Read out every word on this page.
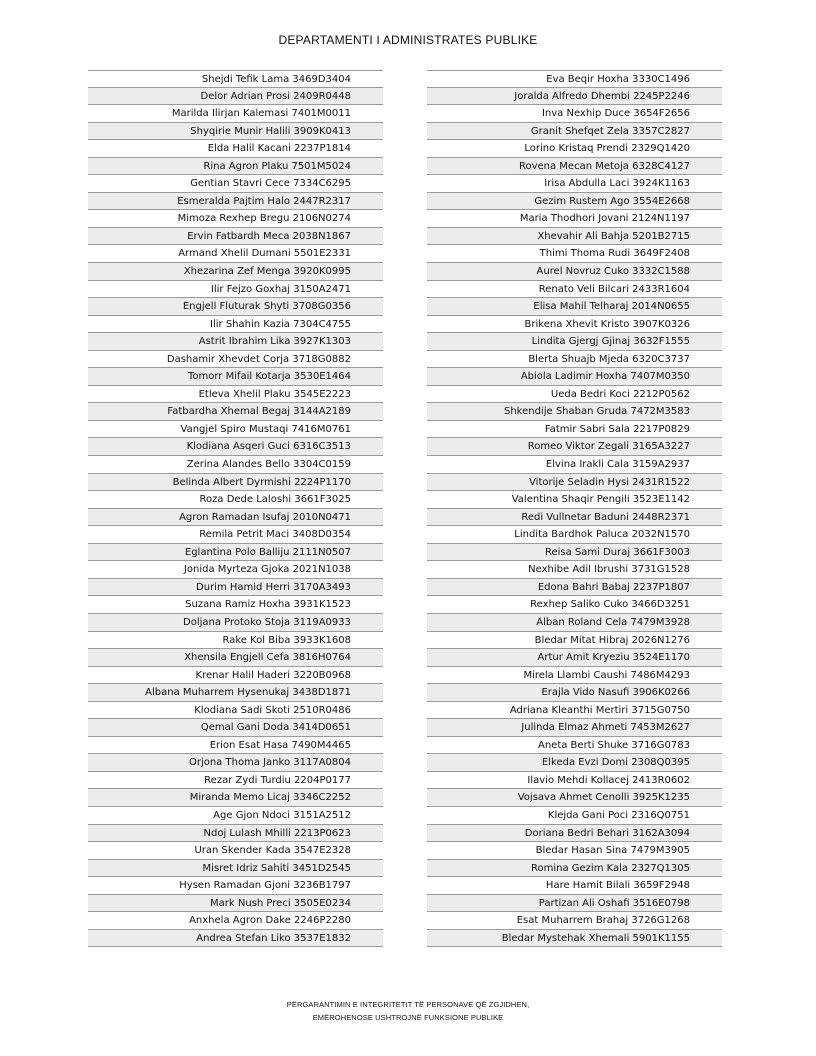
DEPARTAMENTI I ADMINISTRATES PUBLIKE
Shejdi Tefik Lama 3469D3404
Delor Adrian Prosi 2409R0448
Marilda Ilirjan Kalemasi 7401M0011
Shyqirie Munir Halili 3909K0413
Elda Halil Kacani 2237P1814
Rina Agron Plaku 7501M5024
Gentian Stavri Cece 7334C6295
Esmeralda Pajtim Halo 2447R2317
Mimoza Rexhep Bregu 2106N0274
Ervin Fatbardh Meca 2038N1867
Armand Xhelil Dumani 5501E2331
Xhezarina Zef Menga 3920K0995
Ilir Fejzo Goxhaj 3150A2471
Engjell Fluturak Shyti 3708G0356
Ilir Shahin Kazia 7304C4755
Astrit Ibrahim Lika 3927K1303
Dashamir Xhevdet Corja 3718G0882
Tomorr Mifail Kotarja 3530E1464
Etleva Xhelil Plaku 3545E2223
Fatbardha Xhemal Begaj 3144A2189
Vangjel Spiro Mustaqi 7416M0761
Klodiana Asqeri Guci 6316C3513
Zerina Alandes Bello 3304C0159
Belinda Albert Dyrmishi 2224P1170
Roza Dede Laloshi 3661F3025
Agron Ramadan Isufaj 2010N0471
Remila Petrit Maci 3408D0354
Eglantina Polo Balliju 2111N0507
Jonida Myrteza Gjoka 2021N1038
Durim Hamid Herri 3170A3493
Suzana Ramiz Hoxha 3931K1523
Doljana Protoko Stoja 3119A0933
Rake Kol Biba 3933K1608
Xhensila Engjell Cefa 3816H0764
Krenar Halil Haderi 3220B0968
Albana Muharrem Hysenukaj 3438D1871
Klodiana Sadi Skoti 2510R0486
Qemal Gani Doda 3414D0651
Erion Esat Hasa 7490M4465
Orjona Thoma Janko 3117A0804
Rezar Zydi Turdiu 2204P0177
Miranda Memo Licaj 3346C2252
Age Gjon Ndoci 3151A2512
Ndoj Lulash Mhilli 2213P0623
Uran Skender Kada 3547E2328
Misret Idriz Sahiti 3451D2545
Hysen Ramadan Gjoni 3236B1797
Mark Nush Preci 3505E0234
Anxhela Agron Dake 2246P2280
Andrea Stefan Liko 3537E1832
Eva Beqir Hoxha 3330C1496
Joralda Alfredo Dhembi 2245P2246
Inva Nexhip Duce 3654F2656
Granit Shefqet Zela 3357C2827
Lorino Kristaq Prendi 2329Q1420
Rovena Mecan Metoja 6328C4127
Irisa Abdulla Laci 3924K1163
Gezim Rustem Ago 3554E2668
Maria Thodhori Jovani 2124N1197
Xhevahir Ali Bahja 5201B2715
Thimi Thoma Rudi 3649F2408
Aurel Novruz Cuko 3332C1588
Renato Veli Bilcari 2433R1604
Elisa Mahil Telharaj 2014N0655
Brikena Xhevit Kristo 3907K0326
Lindita Gjergj Gjinaj 3632F1555
Blerta Shuajb Mjeda 6320C3737
Abiola Ladimir Hoxha 7407M0350
Ueda Bedri Koci 2212P0562
Shkendije Shaban Gruda 7472M3583
Fatmir Sabri Sala 2217P0829
Romeo Viktor Zegali 3165A3227
Elvina Irakli Cala 3159A2937
Vitorije Seladin Hysi 2431R1522
Valentina Shaqir Pengili 3523E1142
Redi Vullnetar Baduni 2448R2371
Lindita Bardhok Paluca 2032N1570
Reisa Sami Duraj 3661F3003
Nexhibe Adil Ibrushi 3731G1528
Edona Bahri Babaj 2237P1807
Rexhep Saliko Cuko 3466D3251
Alban Roland Cela 7479M3928
Bledar Mitat Hibraj 2026N1276
Artur Amit Kryeziu 3524E1170
Mirela Llambi Caushi 7486M4293
Erajla Vido Nasufi 3906K0266
Adriana Kleanthi Mertiri 3715G0750
Julinda Elmaz Ahmeti 7453M2627
Aneta Berti Shuke 3716G0783
Elkeda Evzi Domi 2308Q0395
Ilavio Mehdi Kollacej 2413R0602
Vojsava Ahmet Cenolli 3925K1235
Klejda Gani Poci 2316Q0751
Doriana Bedri Behari 3162A3094
Bledar Hasan Sina 7479M3905
Romina Gezim Kala 2327Q1305
Hare Hamit Bilali 3659F2948
Partizan Ali Oshafi 3516E0798
Esat Muharrem Brahaj 3726G1268
Bledar Mystehak Xhemali 5901K1155
PËRGARANTIMIN E INTEGRITETIT TË PERSONAVE QË ZGJIDHEN,
EMËROHENOSE USHTROJNË FUNKSIONE PUBLIKE
